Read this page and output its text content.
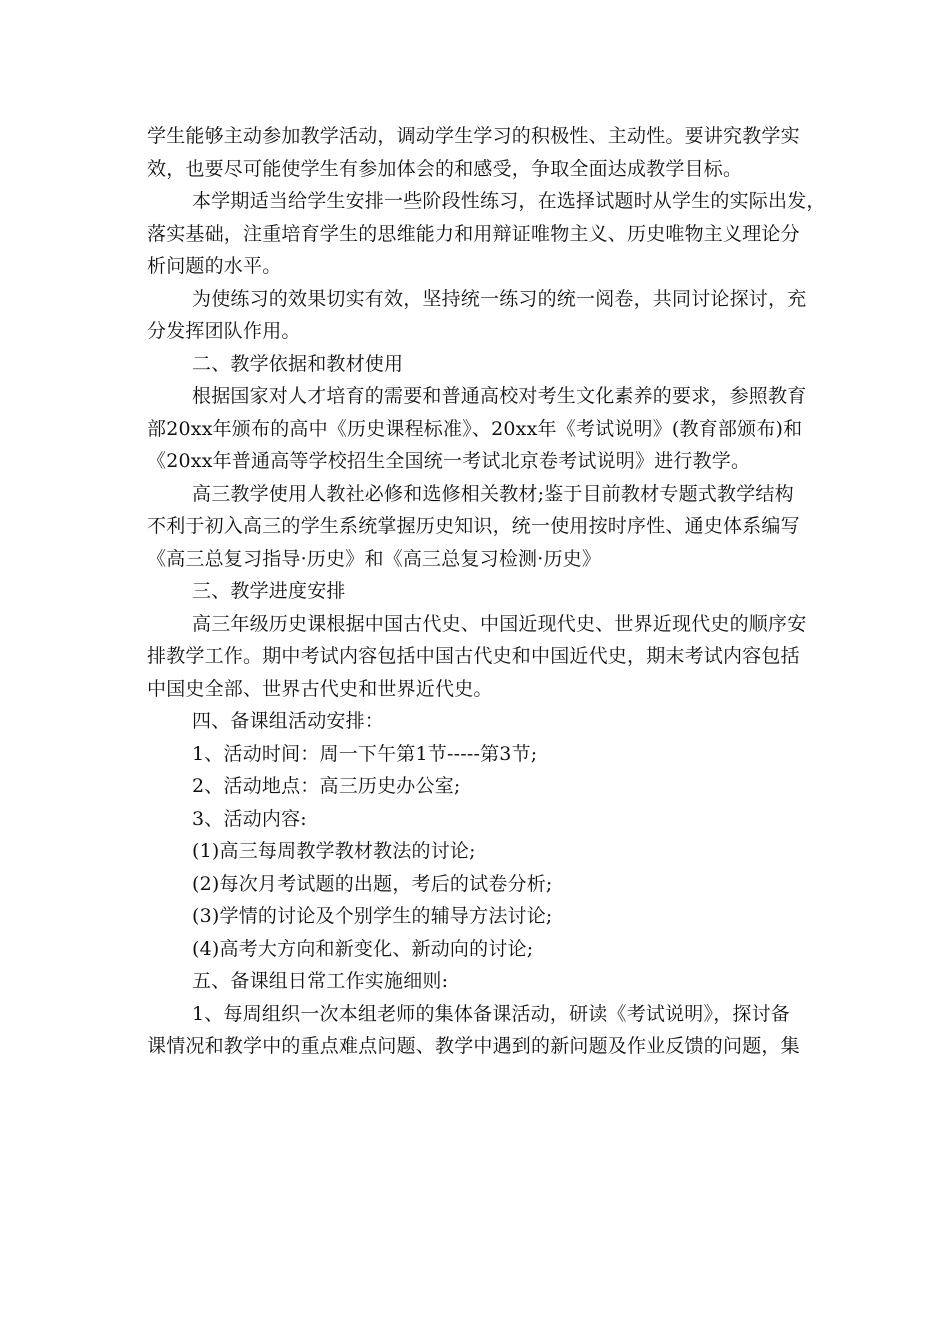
学生能够主动参加教学活动，调动学生学习的积极性、主动性。要讲究教学实
效，也要尽可能使学生有参加体会的和感受，争取全面达成教学目标。
本学期适当给学生安排一些阶段性练习，在选择试题时从学生的实际出发，
落实基础，注重培育学生的思维能力和用辩证唯物主义、历史唯物主义理论分
析问题的水平。
为使练习的效果切实有效，坚持统一练习的统一阅卷，共同讨论探讨，充
分发挥团队作用。
二、教学依据和教材使用
根据国家对人才培育的需要和普通高校对考生文化素养的要求，参照教育
部20xx年颁布的高中《历史课程标准》、20xx年《考试说明》(教育部颁布)和
《20xx年普通高等学校招生全国统一考试北京卷考试说明》进行教学。
高三教学使用人教社必修和选修相关教材;鉴于目前教材专题式教学结构
不利于初入高三的学生系统掌握历史知识，统一使用按时序性、通史体系编写
《高三总复习指导·历史》和《高三总复习检测·历史》
三、教学进度安排
高三年级历史课根据中国古代史、中国近现代史、世界近现代史的顺序安
排教学工作。期中考试内容包括中国古代史和中国近代史，期末考试内容包括
中国史全部、世界古代史和世界近代史。
四、备课组活动安排：
1、活动时间：周一下午第1节-----第3节;
2、活动地点：高三历史办公室;
3、活动内容:
(1)高三每周教学教材教法的讨论;
(2)每次月考试题的出题，考后的试卷分析;
(3)学情的讨论及个别学生的辅导方法讨论;
(4)高考大方向和新变化、新动向的讨论;
五、备课组日常工作实施细则:
1、每周组织一次本组老师的集体备课活动，研读《考试说明》，探讨备
课情况和教学中的重点难点问题、教学中遇到的新问题及作业反馈的问题，集
